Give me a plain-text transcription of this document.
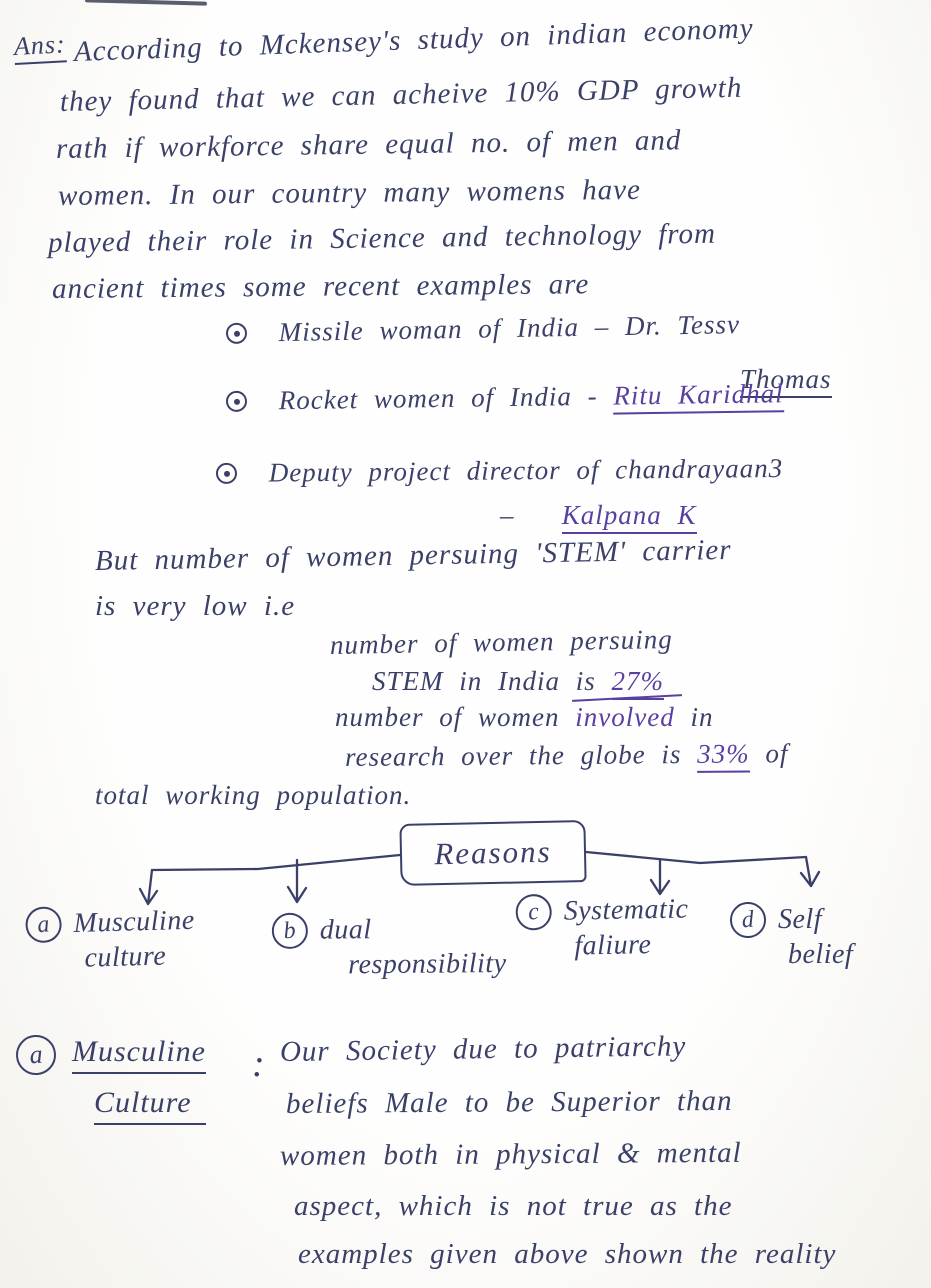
Ans: According to Mckensey's study on indian economy
they found that we can acheive 10% GDP growth
rath if workforce share equal no. of men and
women. In our country many womens have
played their role in Science and technology from
ancient times some recent examples are
Missile woman of India – Dr. Tessv
Thomas
Rocket women of India - Ritu Karidhal
Deputy project director of chandrayaan3
– Kalpana K
But number of women persuing 'STEM' carrier
is very low i.e
number of women persuing
STEM in India is 27%
number of women involved in
research over the globe is 33% of
total working population.
Reasons
a Musculine
culture
b dual
responsibility
c Systematic
faliure
d Self
belief
a Musculine
Culture
: Our Society due to patriarchy
beliefs Male to be Superior than
women both in physical & mental
aspect, which is not true as the
examples given above shown the reality
